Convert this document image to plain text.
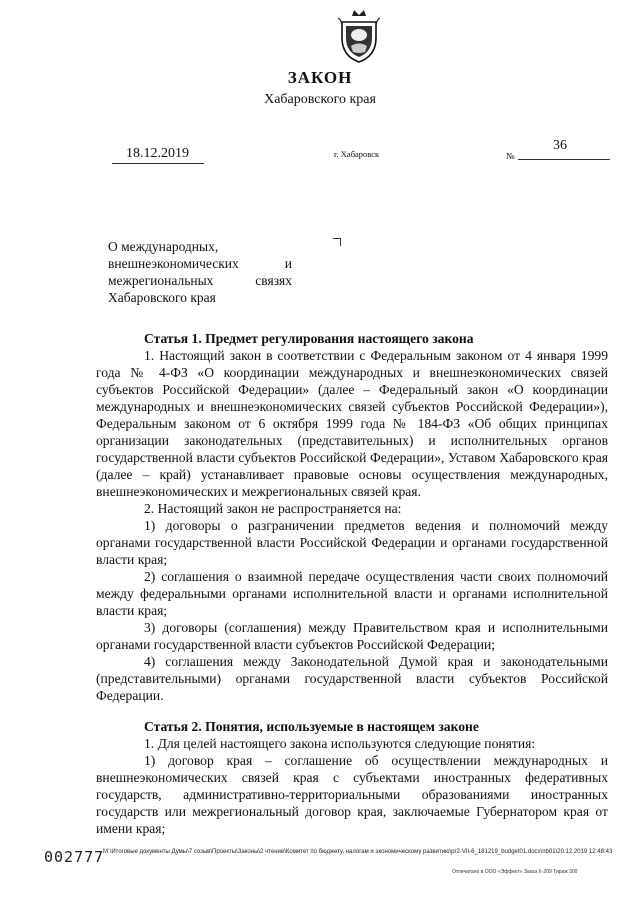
ЗАКОН
Хабаровского края
18.12.2019	г. Хабаровск	№
36
О международных,
внешнеэкономических	и
межрегиональных	связях
Хабаровского края

Статья 1. Предмет регулирования настоящего закона

1. Настоящий закон в соответствии с Федеральным законом от 4 января 1999 года № 4-ФЗ «О координации международных и внешнеэкономических связей субъектов Российской Федерации» (далее – Федеральный закон «О координации международных и внешнеэкономических связей субъектов Российской Федерации»), Федеральным законом от 6 октября 1999 года № 184-ФЗ «Об общих принципах организации законодательных (представительных) и исполнительных органов государственной власти субъектов Российской Федерации», Уставом Хабаровского края (далее – край) устанавливает правовые основы осуществления международных, внешнеэкономических и межрегиональных связей края.

2. Настоящий закон не распространяется на:

1) договоры о разграничении предметов ведения и полномочий между органами государственной власти Российской Федерации и органами государственной власти края;

2) соглашения о взаимной передаче осуществления части своих полномочий между федеральными органами исполнительной власти и органами исполнительной власти края;

3) договоры (соглашения) между Правительством края и исполнительными органами государственной власти субъектов Российской Федерации;

4) соглашения между Законодательной Думой края и законодательными (представительными) органами государственной власти субъектов Российской Федерации.

Статья 2. Понятия, используемые в настоящем законе

1. Для целей настоящего закона используются следующие понятия:

1) договор края – соглашение об осуществлении международных и внешнеэкономических связей края с субъектами иностранных федеративных государств, административно-территориальными образованиями иностранных государств или межрегиональный договор края, заключаемые Губернатором края от имени края;

002777
M:\Итоговые документы Думы\7 созыв\Проекты\Законы\2 чтение\Комитет по бюджету, налогам и экономическому развитию\pr2-VII-6_181219_budget01.docx\nb01\20.12.2019 12:48:43
Отпечатано в ООО «Эффект» Заказ Х-209 Тираж 300
